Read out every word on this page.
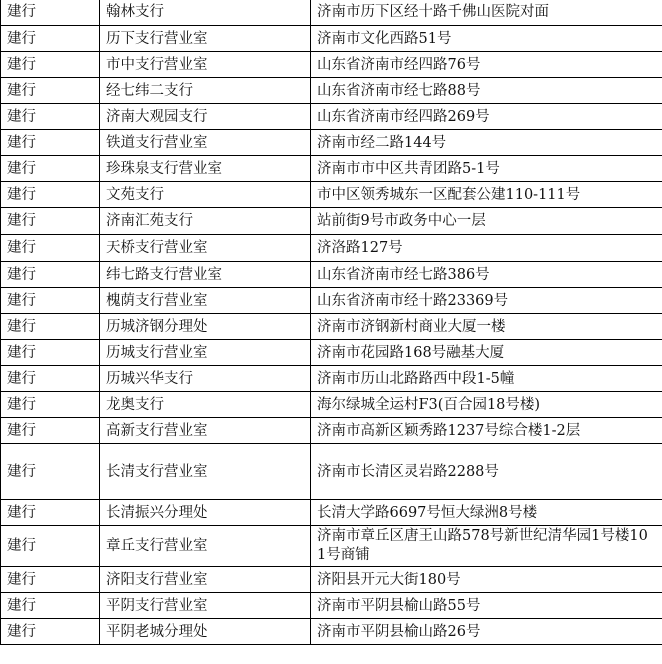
建行	翰林支行	济南市历下区经十路千佛山医院对面
建行	历下支行营业室	济南市文化西路51号
建行	市中支行营业室	山东省济南市经四路76号
建行	经七纬二支行	山东省济南市经七路88号
建行	济南大观园支行	山东省济南市经四路269号
建行	铁道支行营业室	济南市经二路144号
建行	珍珠泉支行营业室	济南市市中区共青团路5-1号
建行	文苑支行	市中区领秀城东一区配套公建110-111号
建行	济南汇苑支行	站前街9号市政务中心一层
建行	天桥支行营业室	济洛路127号
建行	纬七路支行营业室	山东省济南市经七路386号
建行	槐荫支行营业室	山东省济南市经十路23369号
建行	历城济钢分理处	济南市济钢新村商业大厦一楼
建行	历城支行营业室	济南市花园路168号融基大厦
建行	历城兴华支行	济南市历山北路路西中段1-5幢
建行	龙奥支行	海尔绿城全运村F3(百合园18号楼)
建行	高新支行营业室	济南市高新区颖秀路1237号综合楼1-2层
建行	长清支行营业室	济南市长清区灵岩路2288号
建行	长清振兴分理处	长清大学路6697号恒大绿洲8号楼
建行	章丘支行营业室	济南市章丘区唐王山路578号新世纪清华园1号楼101号商铺
建行	济阳支行营业室	济阳县开元大街180号
建行	平阴支行营业室	济南市平阴县榆山路55号
建行	平阴老城分理处	济南市平阴县榆山路26号
